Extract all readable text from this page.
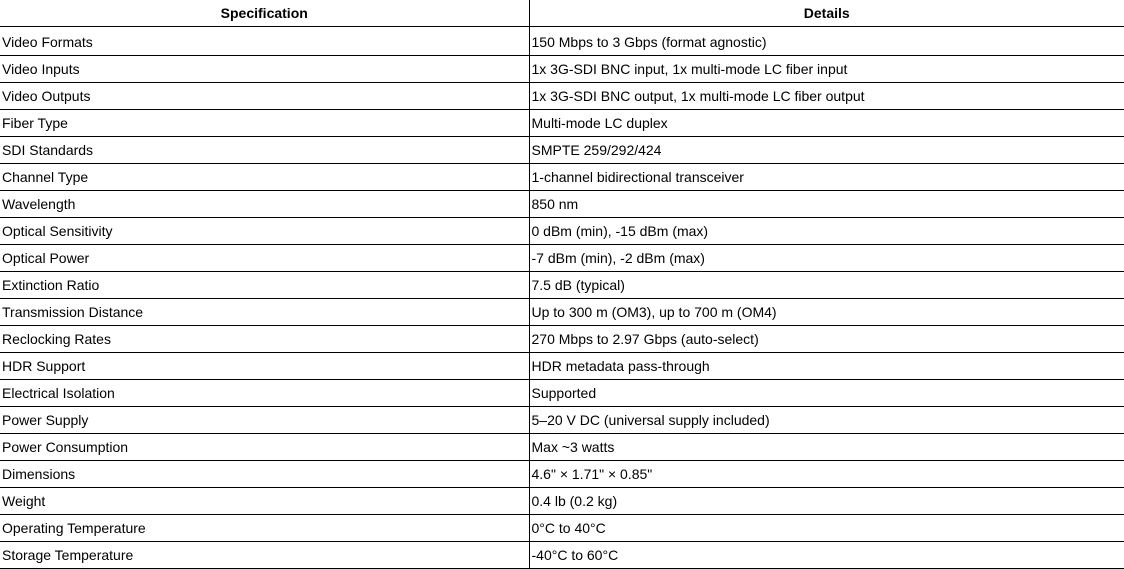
Specification	Details
Video Formats	150 Mbps to 3 Gbps (format agnostic)
Video Inputs	1x 3G-SDI BNC input, 1x multi-mode LC fiber input
Video Outputs	1x 3G-SDI BNC output, 1x multi-mode LC fiber output
Fiber Type	Multi-mode LC duplex
SDI Standards	SMPTE 259/292/424
Channel Type	1-channel bidirectional transceiver
Wavelength	850 nm
Optical Sensitivity	0 dBm (min), -15 dBm (max)
Optical Power	-7 dBm (min), -2 dBm (max)
Extinction Ratio	7.5 dB (typical)
Transmission Distance	Up to 300 m (OM3), up to 700 m (OM4)
Reclocking Rates	270 Mbps to 2.97 Gbps (auto-select)
HDR Support	HDR metadata pass-through
Electrical Isolation	Supported
Power Supply	5–20 V DC (universal supply included)
Power Consumption	Max ~3 watts
Dimensions	4.6" × 1.71" × 0.85"
Weight	0.4 lb (0.2 kg)
Operating Temperature	0°C to 40°C
Storage Temperature	-40°C to 60°C
